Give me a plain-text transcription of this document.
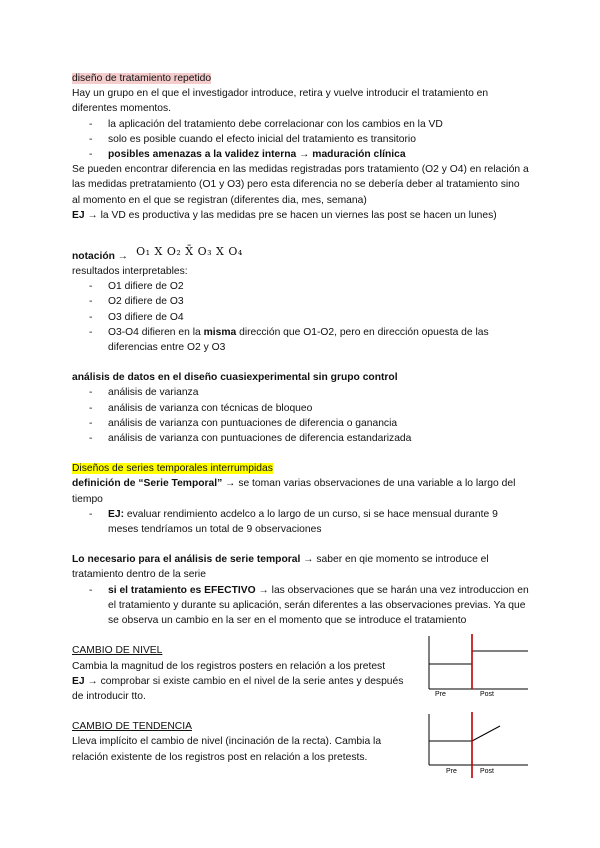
diseño de tratamiento repetido

Hay un grupo en el que el investigador introduce, retira y vuelve introducir el tratamiento en diferentes momentos.

- la aplicación del tratamiento debe correlacionar con los cambios en la VD
- solo es posible cuando el efecto inicial del tratamiento es transitorio
- posibles amenazas a la validez interna → maduración clínica

Se pueden encontrar diferencia en las medidas registradas pors tratamiento (O2 y O4) en relación a las medidas pretratamiento (O1 y O3) pero esta diferencia no se debería deber al tratamiento sino al momento en el que se registran (diferentes dia, mes, semana)

EJ → la VD es productiva y las medidas pre se hacen un viernes las post se hacen un lunes)

notación → O₁ X O₂ X̄ O₃ X O₄

resultados interpretables:

- O1 difiere de O2
- O2 difiere de O3
- O3 difiere de O4
- O3-O4 difieren en la misma dirección que O1-O2, pero en dirección opuesta de las diferencias entre O2 y O3

análisis de datos en el diseño cuasiexperimental sin grupo control

- análisis de varianza
- análisis de varianza con técnicas de bloqueo
- análisis de varianza con puntuaciones de diferencia o ganancia
- análisis de varianza con puntuaciones de diferencia estandarizada

Diseños de series temporales interrumpidas

definición de “Serie Temporal” → se toman varias observaciones de una variable a lo largo del tiempo

- EJ: evaluar rendimiento acdelco a lo largo de un curso, si se hace mensual durante 9 meses tendríamos un total de 9 observaciones

Lo necesario para el análisis de serie temporal → saber en qie momento se introduce el tratamiento dentro de la serie

- si el tratamiento es EFECTIVO → las observaciones que se harán una vez introduccion en el tratamiento y durante su aplicación, serán diferentes a las observaciones previas. Ya que se observa un cambio en la ser en el momento que se introduce el tratamiento

CAMBIO DE NIVEL

Cambia la magnitud de los registros posters en relación a los pretest

EJ → comprobar si existe cambio en el nivel de la serie antes y después de introducir tto.

CAMBIO DE TENDENCIA

Lleva implícito el cambio de nivel (incinación de la recta). Cambia la relación existente de los registros post en relación a los pretests.

Pre	Post
Pre	Post
